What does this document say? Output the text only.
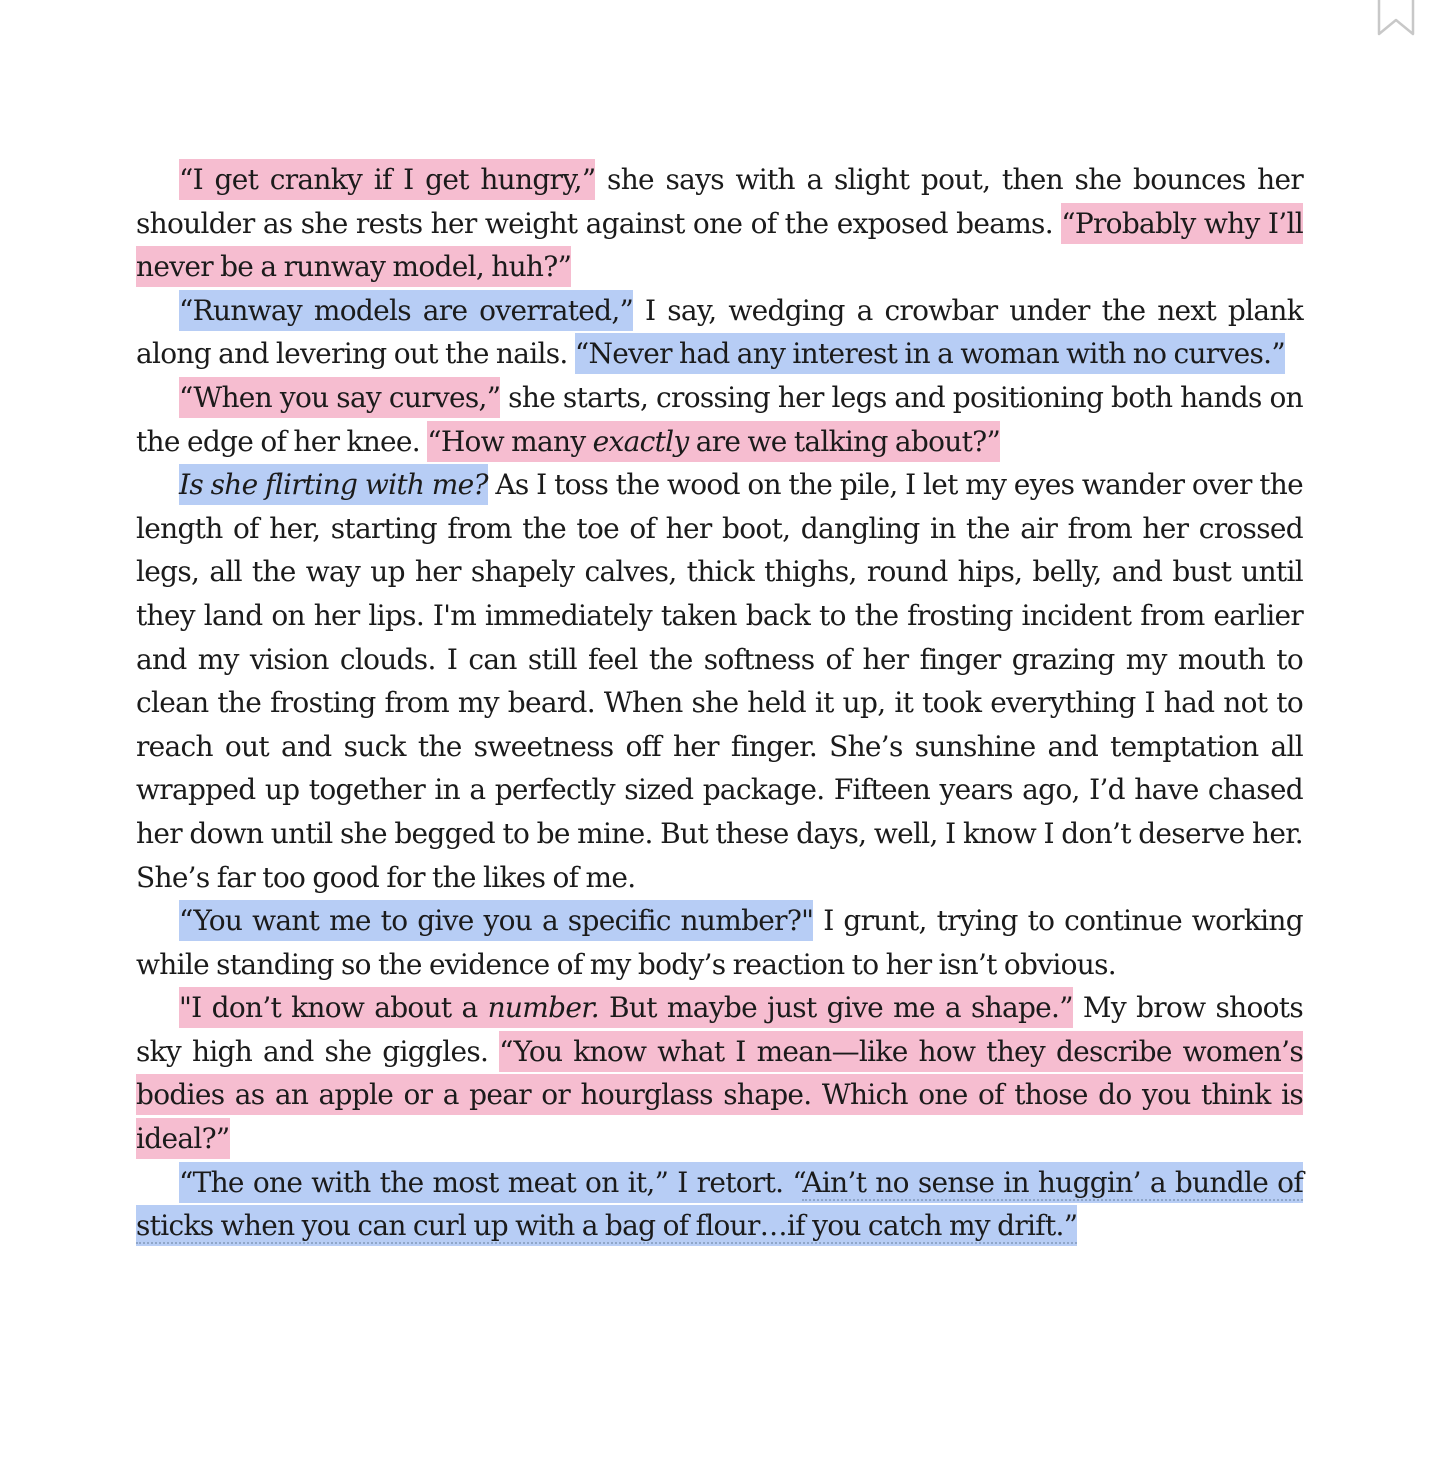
“I get cranky if I get hungry,” she says with a slight pout, then she bounces her shoulder as she rests her weight against one of the exposed beams. “Probably why I’ll never be a runway model, huh?”

“Runway models are overrated,” I say, wedging a crowbar under the next plank along and levering out the nails. “Never had any interest in a woman with no curves.”

“When you say curves,” she starts, crossing her legs and positioning both hands on the edge of her knee. “How many exactly are we talking about?”

Is she flirting with me? As I toss the wood on the pile, I let my eyes wander over the length of her, starting from the toe of her boot, dangling in the air from her crossed legs, all the way up her shapely calves, thick thighs, round hips, belly, and bust until they land on her lips. I'm immediately taken back to the frosting incident from earlier and my vision clouds. I can still feel the softness of her finger grazing my mouth to clean the frosting from my beard. When she held it up, it took everything I had not to reach out and suck the sweetness off her finger. She’s sunshine and temptation all wrapped up together in a perfectly sized package. Fifteen years ago, I’d have chased her down until she begged to be mine. But these days, well, I know I don’t deserve her. She’s far too good for the likes of me.

“You want me to give you a specific number?" I grunt, trying to continue working while standing so the evidence of my body’s reaction to her isn’t obvious.

"I don’t know about a number. But maybe just give me a shape.” My brow shoots sky high and she giggles. “You know what I mean—like how they describe women’s bodies as an apple or a pear or hourglass shape. Which one of those do you think is ideal?”

“The one with the most meat on it,” I retort. “Ain’t no sense in huggin’ a bundle of sticks when you can curl up with a bag of flour…if you catch my drift.”
